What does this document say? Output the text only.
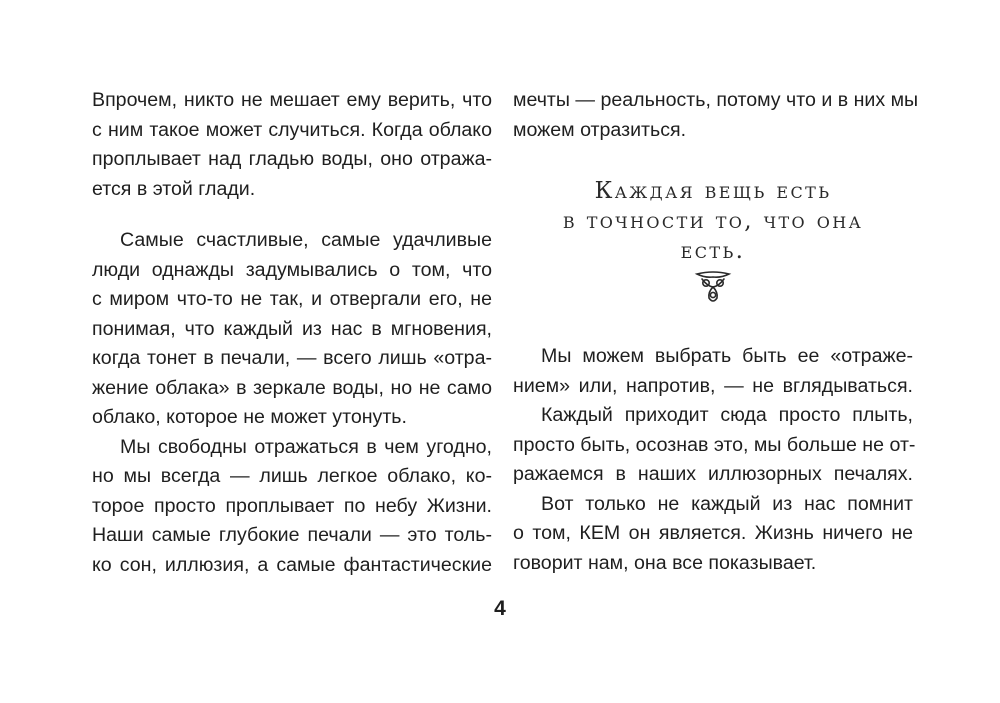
Впрочем, никто не мешает ему верить, что
с ним такое может случиться. Когда облако
проплывает над гладью воды, оно отража-
ется в этой глади.
Самые счастливые, самые удачливые
люди однажды задумывались о том, что
с миром что-то не так, и отвергали его, не
понимая, что каждый из нас в мгновения,
когда тонет в печали, — всего лишь «отра-
жение облака» в зеркале воды, но не само
облако, которое не может утонуть.
Мы свободны отражаться в чем угодно,
но мы всегда — лишь легкое облако, ко-
торое просто проплывает по небу Жизни.
Наши самые глубокие печали — это толь-
ко сон, иллюзия, а самые фантастические
мечты — реальность, потому что и в них мы
можем отразиться.
Каждая вещь есть
в точности то, что она
есть.
Мы можем выбрать быть ее «отраже-
нием» или, напротив, — не вглядываться.
Каждый приходит сюда просто плыть,
просто быть, осознав это, мы больше не от-
ражаемся в наших иллюзорных печалях.
Вот только не каждый из нас помнит
о том, КЕМ он является. Жизнь ничего не
говорит нам, она все показывает.
4
